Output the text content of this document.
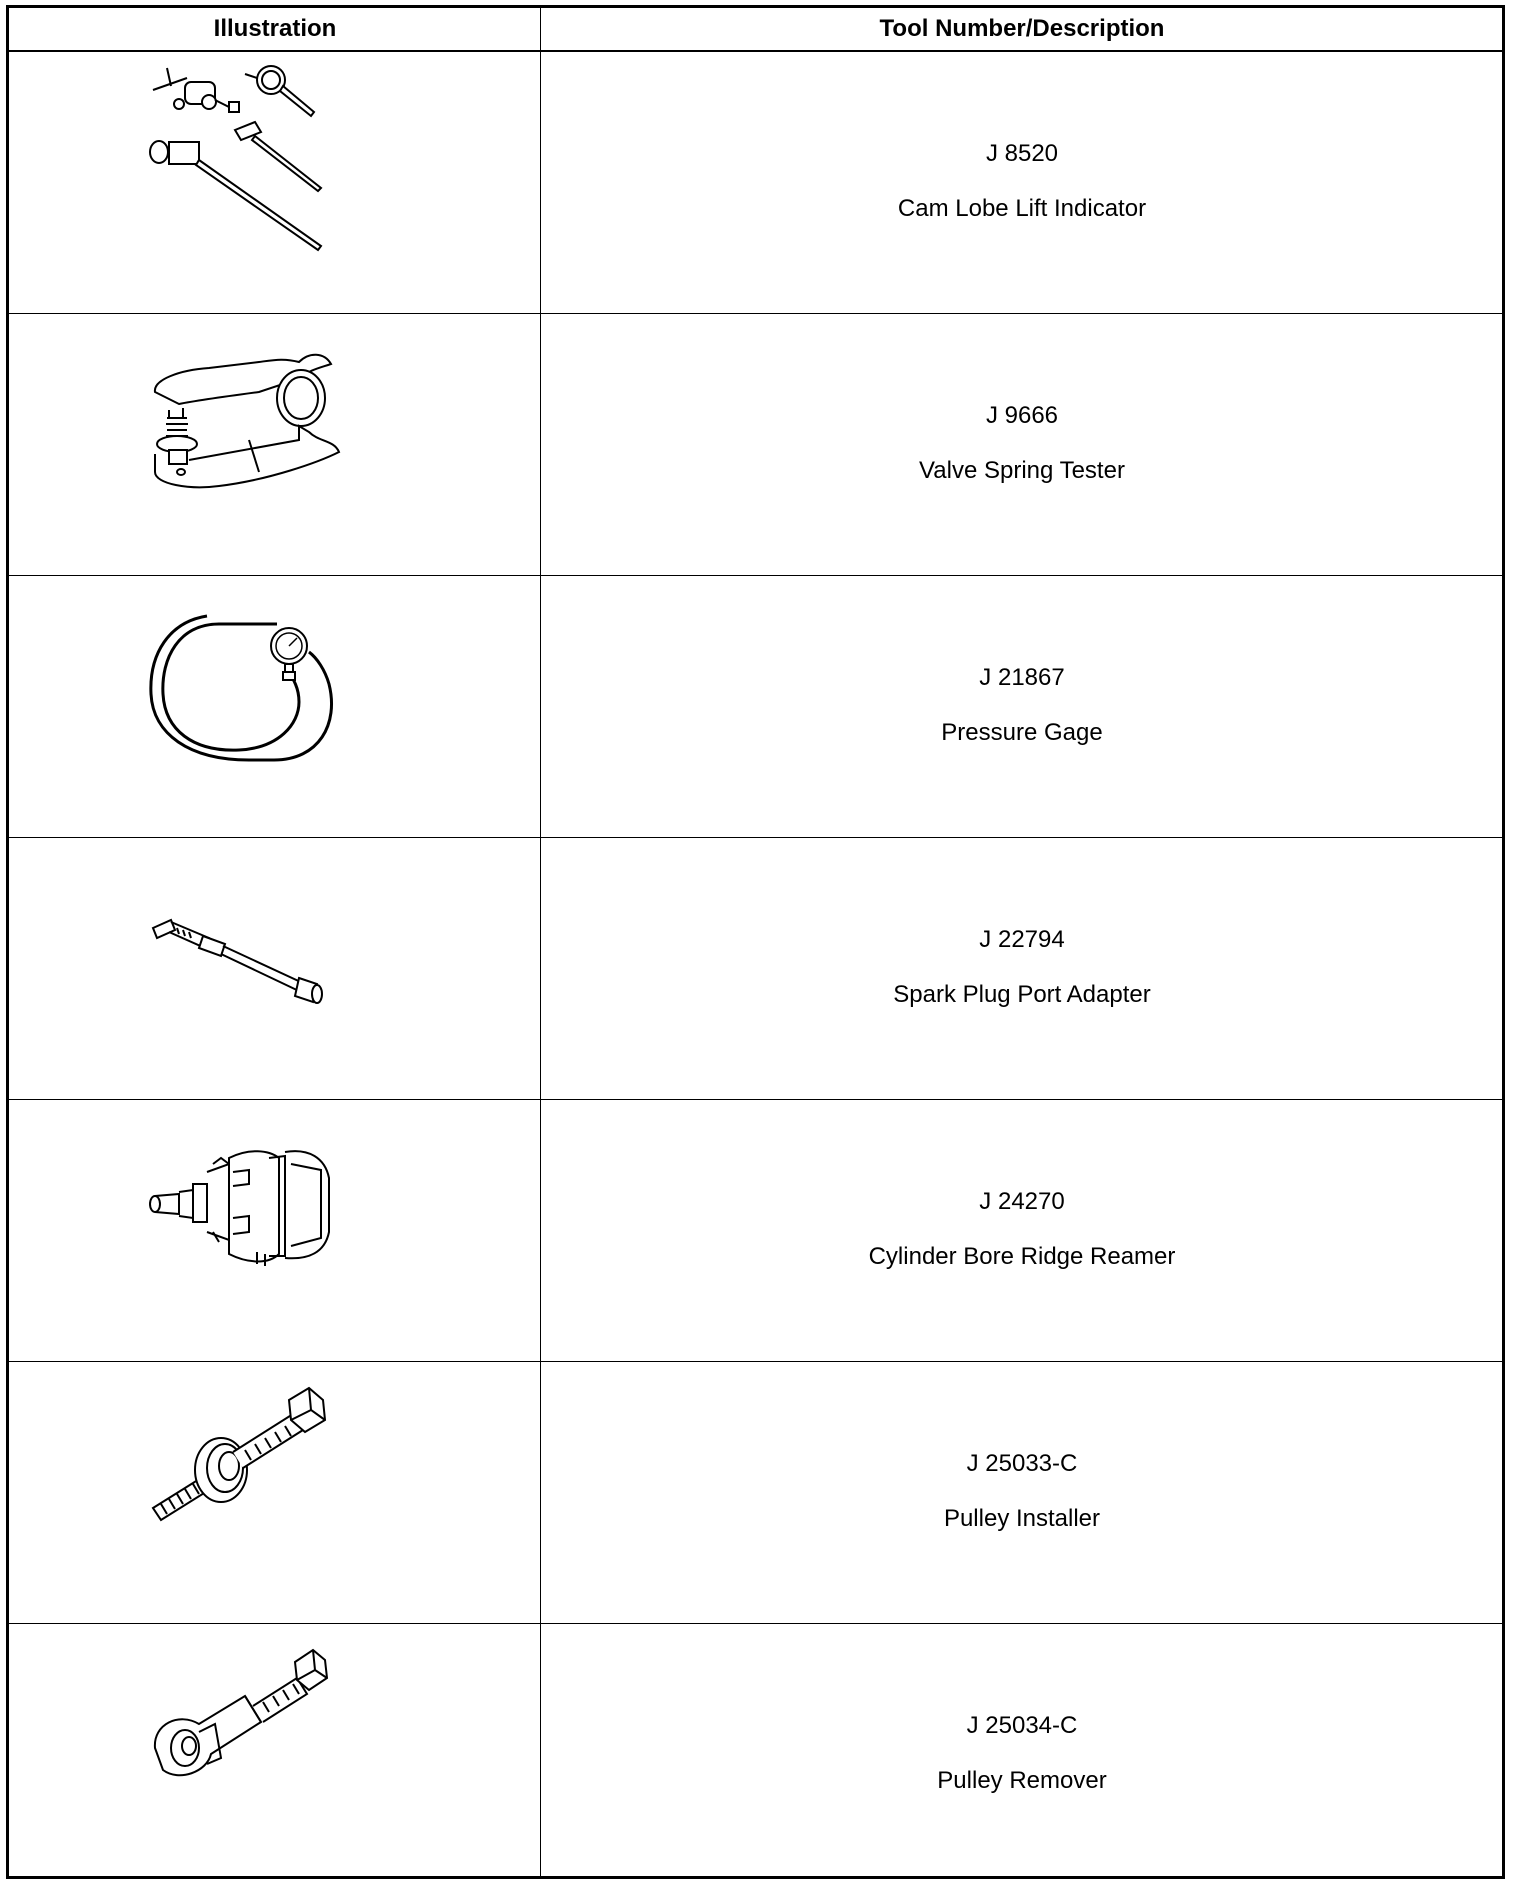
Illustration	Tool Number/Description
J 8520
Cam Lobe Lift Indicator
J 9666
Valve Spring Tester
J 21867
Pressure Gage
J 22794
Spark Plug Port Adapter
J 24270
Cylinder Bore Ridge Reamer
J 25033-C
Pulley Installer
J 25034-C
Pulley Remover
